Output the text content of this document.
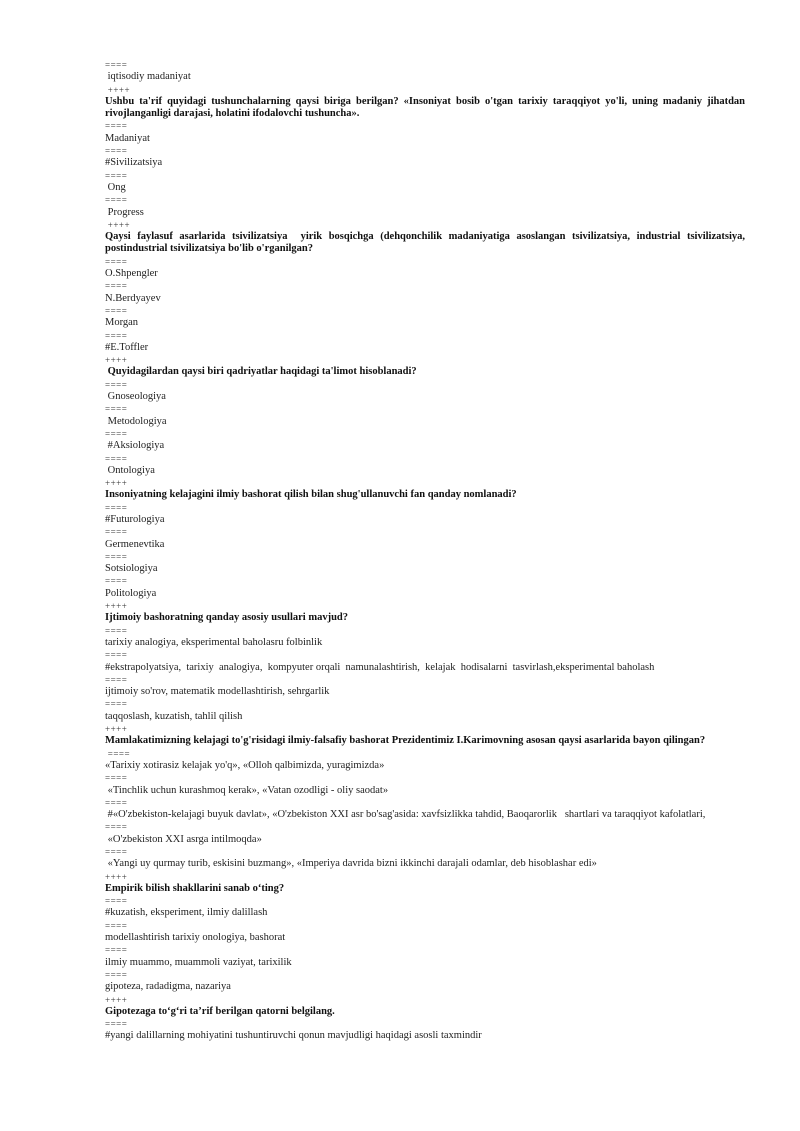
====
iqtisodiy madaniyat
++++
Ushbu ta'rif quyidagi tushunchalarning qaysi biriga berilgan? «Insoniyat bosib o'tgan tarixiy taraqqiyot yo'li, uning madaniy jihatdan rivojlanganligi darajasi, holatini ifodalovchi tushuncha».
====
Madaniyat
====
#Sivilizatsiya
====
Ong
====
Progress
++++
Qaysi faylasuf asarlarida tsivilizatsiya  yirik bosqichga (dehqonchilik madaniyatiga asoslangan tsivilizatsiya, industrial tsivilizatsiya, postindustrial tsivilizatsiya bo'lib o'rganilgan?
====
O.Shpengler
====
N.Berdyayev
====
Morgan
====
#E.Toffler
++++
Quyidagilardan qaysi biri qadriyatlar haqidagi ta'limot hisoblanadi?
====
Gnoseologiya
====
Metodologiya
====
#Aksiologiya
====
Ontologiya
++++
Insoniyatning kelajagini ilmiy bashorat qilish bilan shug'ullanuvchi fan qanday nomlanadi?
====
#Futurologiya
====
Germenevtika
====
Sotsiologiya
====
Politologiya
++++
Ijtimoiy bashoratning qanday asosiy usullari mavjud?
====
tarixiy analogiya, eksperimental baholasru folbinlik
====
#ekstrapolyatsiya,  tarixiy  analogiya,  kompyuter orqali  namunalashtirish,  kelajak  hodisalarni  tasvirlash,eksperimental baholash
====
ijtimoiy so'rov, matematik modellashtirish, sehrgarlik
====
taqqoslash, kuzatish, tahlil qilish
++++
Mamlakatimizning kelajagi to'g'risidagi ilmiy-falsafiy bashorat Prezidentimiz I.Karimovning asosan qaysi asarlarida bayon qilingan?
====
«Tarixiy xotirasiz kelajak yo'q», «Olloh qalbimizda, yuragimizda»
====
«Tinchlik uchun kurashmoq kerak», «Vatan ozodligi - oliy saodat»
====
#«O'zbekiston-kelajagi buyuk davlat», «O'zbekiston XXI asr bo'sag'asida: xavfsizlikka tahdid, Baoqarorlik   shartlari va taraqqiyot kafolatlari,
====
«O'zbekiston XXI asrga intilmoqda»
====
«Yangi uy qurmay turib, eskisini buzmang», «Imperiya davrida bizni ikkinchi darajali odamlar, deb hisoblashar edi»
++++
Empirik bilish shakllarini sanab o‘ting?
====
#kuzatish, eksperiment, ilmiy dalillash
====
modellashtirish tarixiy onologiya, bashorat
====
ilmiy muammo, muammoli vaziyat, tarixilik
====
gipoteza, radadigma, nazariya
++++
Gipotezaga to‘g‘ri ta’rif berilgan qatorni belgilang.
====
#yangi dalillarning mohiyatini tushuntiruvchi qonun mavjudligi haqidagi asosli taxmindir
